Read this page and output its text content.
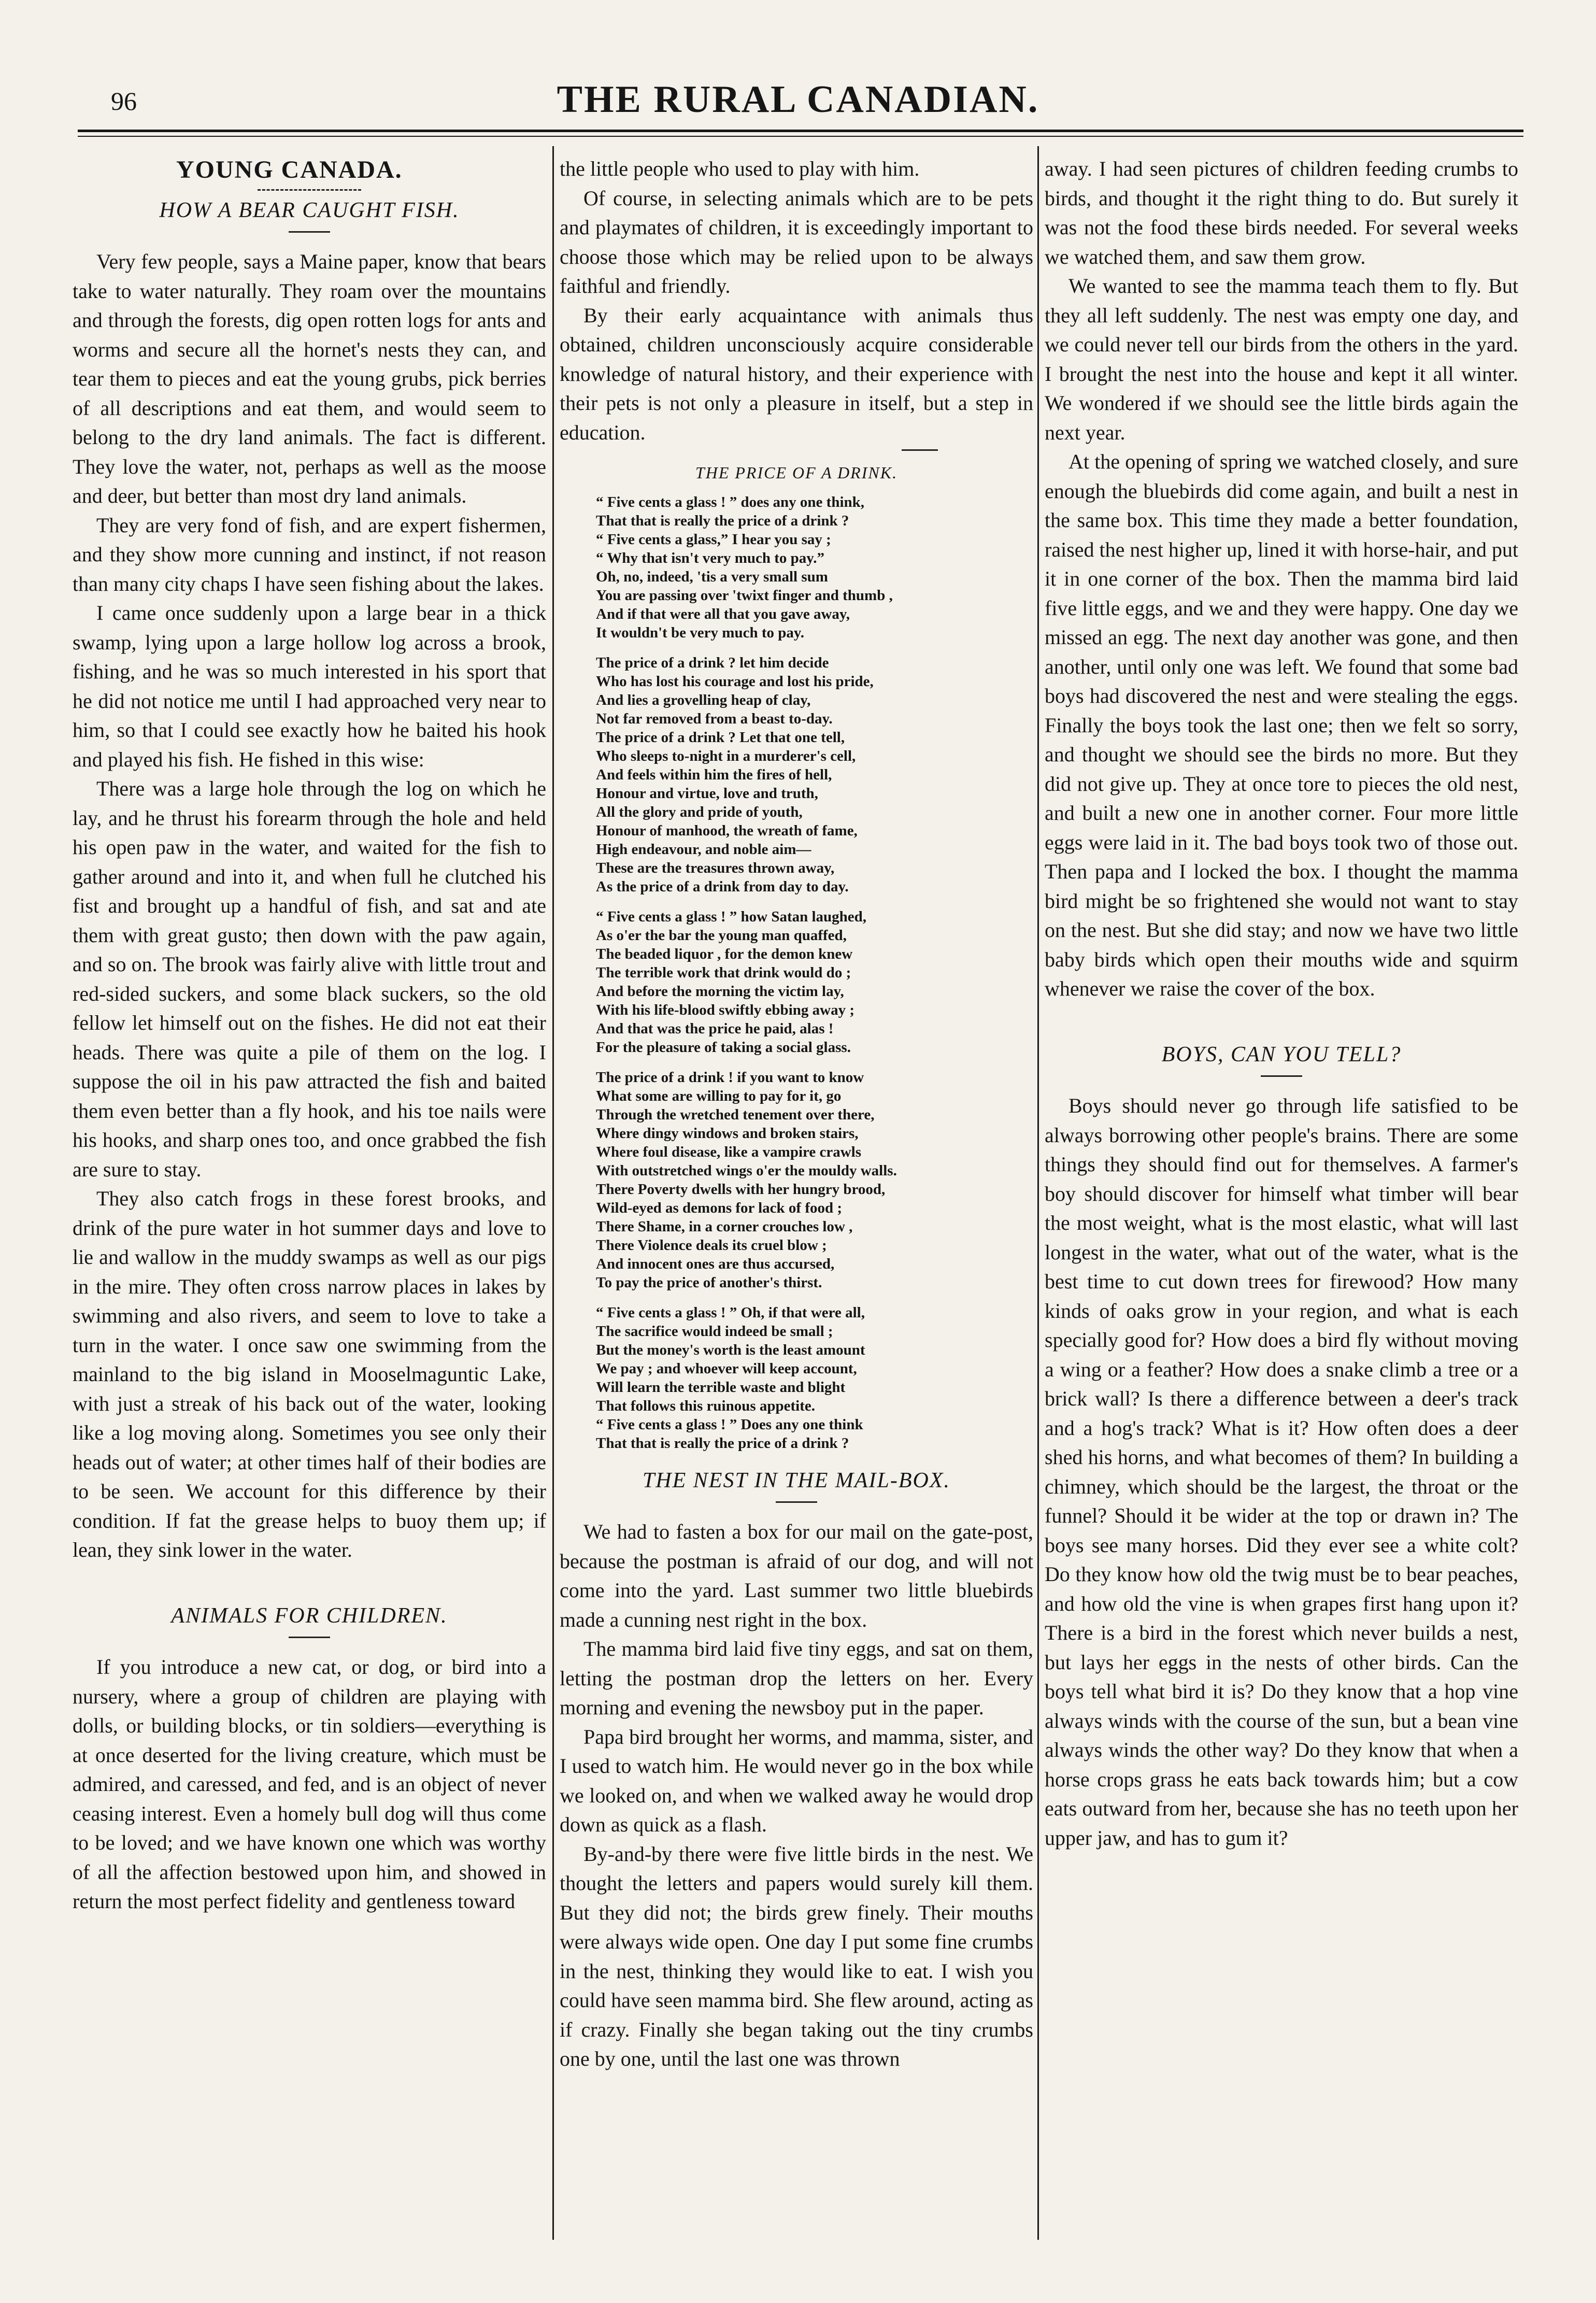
96	THE RURAL CANADIAN.
YOUNG CANADA.
HOW A BEAR CAUGHT FISH.

Very few people, says a Maine paper, know that bears take to water naturally. They roam over the mountains and through the forests, dig open rotten logs for ants and worms and secure all the hornet's nests they can, and tear them to pieces and eat the young grubs, pick berries of all descriptions and eat them, and would seem to belong to the dry land animals. The fact is different. They love the water, not, perhaps as well as the moose and deer, but better than most dry land animals.

They are very fond of fish, and are expert fishermen, and they show more cunning and instinct, if not reason than many city chaps I have seen fishing about the lakes.

I came once suddenly upon a large bear in a thick swamp, lying upon a large hollow log across a brook, fishing, and he was so much interested in his sport that he did not notice me until I had approached very near to him, so that I could see exactly how he baited his hook and played his fish. He fished in this wise:

There was a large hole through the log on which he lay, and he thrust his forearm through the hole and held his open paw in the water, and waited for the fish to gather around and into it, and when full he clutched his fist and brought up a handful of fish, and sat and ate them with great gusto; then down with the paw again, and so on. The brook was fairly alive with little trout and red-sided suckers, and some black suckers, so the old fellow let himself out on the fishes. He did not eat their heads. There was quite a pile of them on the log. I suppose the oil in his paw attracted the fish and baited them even better than a fly hook, and his toe nails were his hooks, and sharp ones too, and once grabbed the fish are sure to stay.

They also catch frogs in these forest brooks, and drink of the pure water in hot summer days and love to lie and wallow in the muddy swamps as well as our pigs in the mire. They often cross narrow places in lakes by swimming and also rivers, and seem to love to take a turn in the water. I once saw one swimming from the mainland to the big island in Mooselmaguntic Lake, with just a streak of his back out of the water, looking like a log moving along. Sometimes you see only their heads out of water; at other times half of their bodies are to be seen. We account for this difference by their condition. If fat the grease helps to buoy them up; if lean, they sink lower in the water.

ANIMALS FOR CHILDREN.

If you introduce a new cat, or dog, or bird into a nursery, where a group of children are playing with dolls, or building blocks, or tin soldiers—everything is at once deserted for the living creature, which must be admired, and caressed, and fed, and is an object of never ceasing interest. Even a homely bull dog will thus come to be loved; and we have known one which was worthy of all the affection bestowed upon him, and showed in return the most perfect fidelity and gentleness toward

the little people who used to play with him.

Of course, in selecting animals which are to be pets and playmates of children, it is exceedingly important to choose those which may be relied upon to be always faithful and friendly.

By their early acquaintance with animals thus obtained, children unconsciously acquire considerable knowledge of natural history, and their experience with their pets is not only a pleasure in itself, but a step in education.

THE PRICE OF A DRINK.
“ Five cents a glass ! ” does any one think,
That that is really the price of a drink ?
“ Five cents a glass,” I hear you say ;
“ Why that isn't very much to pay.”
Oh, no, indeed, 'tis a very small sum
You are passing over 'twixt finger and thumb ,
And if that were all that you gave away,
It wouldn't be very much to pay.
The price of a drink ? let him decide
Who has lost his courage and lost his pride,
And lies a grovelling heap of clay,
Not far removed from a beast to-day.
The price of a drink ? Let that one tell,
Who sleeps to-night in a murderer's cell,
And feels within him the fires of hell,
Honour and virtue, love and truth,
All the glory and pride of youth,
Honour of manhood, the wreath of fame,
High endeavour, and noble aim—
These are the treasures thrown away,
As the price of a drink from day to day.
“ Five cents a glass ! ” how Satan laughed,
As o'er the bar the young man quaffed,
The beaded liquor , for the demon knew
The terrible work that drink would do ;
And before the morning the victim lay,
With his life-blood swiftly ebbing away ;
And that was the price he paid, alas !
For the pleasure of taking a social glass.
The price of a drink ! if you want to know
What some are willing to pay for it, go
Through the wretched tenement over there,
Where dingy windows and broken stairs,
Where foul disease, like a vampire crawls
With outstretched wings o'er the mouldy walls.
There Poverty dwells with her hungry brood,
Wild-eyed as demons for lack of food ;
There Shame, in a corner crouches low ,
There Violence deals its cruel blow ;
And innocent ones are thus accursed,
To pay the price of another's thirst.
“ Five cents a glass ! ” Oh, if that were all,
The sacrifice would indeed be small ;
But the money's worth is the least amount
We pay ; and whoever will keep account,
Will learn the terrible waste and blight
That follows this ruinous appetite.
“ Five cents a glass ! ” Does any one think
That that is really the price of a drink ?
THE NEST IN THE MAIL-BOX.

We had to fasten a box for our mail on the gate-post, because the postman is afraid of our dog, and will not come into the yard. Last summer two little bluebirds made a cunning nest right in the box.

The mamma bird laid five tiny eggs, and sat on them, letting the postman drop the letters on her. Every morning and evening the newsboy put in the paper.

Papa bird brought her worms, and mamma, sister, and I used to watch him. He would never go in the box while we looked on, and when we walked away he would drop down as quick as a flash.

By-and-by there were five little birds in the nest. We thought the letters and papers would surely kill them. But they did not; the birds grew finely. Their mouths were always wide open. One day I put some fine crumbs in the nest, thinking they would like to eat. I wish you could have seen mamma bird. She flew around, acting as if crazy. Finally she began taking out the tiny crumbs one by one, until the last one was thrown

away. I had seen pictures of children feeding crumbs to birds, and thought it the right thing to do. But surely it was not the food these birds needed. For several weeks we watched them, and saw them grow.

We wanted to see the mamma teach them to fly. But they all left suddenly. The nest was empty one day, and we could never tell our birds from the others in the yard. I brought the nest into the house and kept it all winter. We wondered if we should see the little birds again the next year.

At the opening of spring we watched closely, and sure enough the bluebirds did come again, and built a nest in the same box. This time they made a better foundation, raised the nest higher up, lined it with horse-hair, and put it in one corner of the box. Then the mamma bird laid five little eggs, and we and they were happy. One day we missed an egg. The next day another was gone, and then another, until only one was left. We found that some bad boys had discovered the nest and were stealing the eggs. Finally the boys took the last one; then we felt so sorry, and thought we should see the birds no more. But they did not give up. They at once tore to pieces the old nest, and built a new one in another corner. Four more little eggs were laid in it. The bad boys took two of those out. Then papa and I locked the box. I thought the mamma bird might be so frightened she would not want to stay on the nest. But she did stay; and now we have two little baby birds which open their mouths wide and squirm whenever we raise the cover of the box.

BOYS, CAN YOU TELL?

Boys should never go through life satisfied to be always borrowing other people's brains. There are some things they should find out for themselves. A farmer's boy should discover for himself what timber will bear the most weight, what is the most elastic, what will last longest in the water, what out of the water, what is the best time to cut down trees for firewood? How many kinds of oaks grow in your region, and what is each specially good for? How does a bird fly without moving a wing or a feather? How does a snake climb a tree or a brick wall? Is there a difference between a deer's track and a hog's track? What is it? How often does a deer shed his horns, and what becomes of them? In building a chimney, which should be the largest, the throat or the funnel? Should it be wider at the top or drawn in? The boys see many horses. Did they ever see a white colt? Do they know how old the twig must be to bear peaches, and how old the vine is when grapes first hang upon it? There is a bird in the forest which never builds a nest, but lays her eggs in the nests of other birds. Can the boys tell what bird it is? Do they know that a hop vine always winds with the course of the sun, but a bean vine always winds the other way? Do they know that when a horse crops grass he eats back towards him; but a cow eats outward from her, because she has no teeth upon her upper jaw, and has to gum it?
